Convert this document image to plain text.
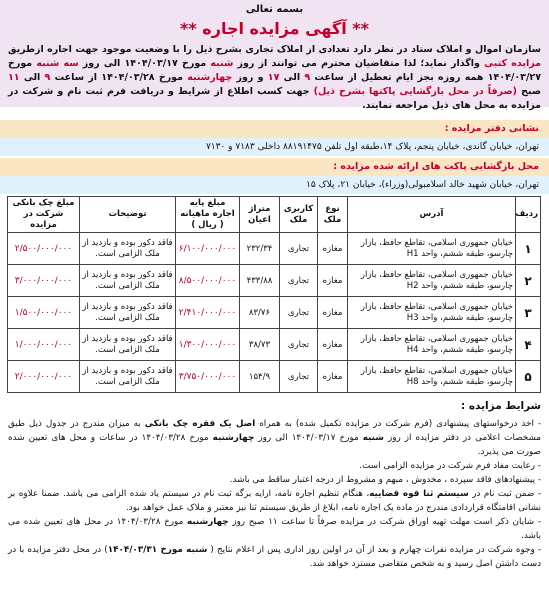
بسمه تعالی
** آگهی مزایده اجاره **
سازمان اموال و املاک ستاد در نظر دارد تعدادی از املاک تجاری بشرح ذیل را با وضعیت موجود جهت اجاره ازطریق مزایده کتبی واگذار نماید؛ لذا متقاضیان محترم می توانند از روز شنبه مورخ ۱۴۰۴/۰۳/۱۷ الی روز سه شنبه مورخ ۱۴۰۴/۰۳/۲۷ همه روزه بجز ایام تعطیل از ساعت ۹ الی ۱۷ و روز چهارشنبه مورخ ۱۴۰۴/۰۳/۲۸ از ساعت ۹ الی ۱۱ صبح (صرفاً در محل بازگشایی پاکتها بشرح ذیل) جهت کسب اطلاع از شرایط و دریافت فرم ثبت نام و شرکت در مزایده به محل های ذیل مراجعه نمایند.
نشانی دفتر مزایده :
تهران، خیابان گاندی، خیابان پنجم، پلاک ۱۴،طبقه اول تلفن ۸۸۱۹۱۴۷۵ داخلی ۷۱۸۳ و ۷۱۳۰
محل بازگشایی پاکت های ارائه شده مزایده :
تهران، خیابان شهید خالد اسلامبولی(وزراء)، خیابان ۲۱، پلاک ۱۵
ردیف	آدرس	نوع ملک	کاربری ملک	متراژ اعیان	مبلغ پایه اجاره ماهیانه ( ریال )	توضیحات	مبلغ چک بانکی شرکت در مزایده
۱	خیابان جمهوری اسلامی، تقاطع حافظ، بازار چارسو، طبقه ششم، واحد H1	مغازه	تجاری	۲۳۲/۳۴	۶/۱۰۰/۰۰۰/۰۰۰	فاقد دکور بوده و بازدید از ملک الزامی است.	۲/۵۰۰/۰۰۰/۰۰۰
۲	خیابان جمهوری اسلامی، تقاطع حافظ، بازار چارسو، طبقه ششم، واحد H2	مغازه	تجاری	۴۳۳/۸۸	۸/۵۰۰/۰۰۰/۰۰۰	فاقد دکور بوده و بازدید از ملک الزامی است.	۳/۰۰۰/۰۰۰/۰۰۰
۳	خیابان جمهوری اسلامی، تقاطع حافظ، بازار چارسو، طبقه ششم، واحد H3	مغازه	تجاری	۸۳/۷۶	۲/۴۱۰/۰۰۰/۰۰۰	فاقد دکور بوده و بازدید از ملک الزامی است.	۱/۵۰۰/۰۰۰/۰۰۰
۴	خیابان جمهوری اسلامی، تقاطع حافظ، بازار چارسو، طبقه ششم، واحد H4	مغازه	تجاری	۳۸/۷۳	۱/۳۰۰/۰۰۰/۰۰۰	فاقد دکور بوده و بازدید از ملک الزامی است.	۱/۰۰۰/۰۰۰/۰۰۰
۵	خیابان جمهوری اسلامی، تقاطع حافظ، بازار چارسو، طبقه ششم، واحد H8	مغازه	تجاری	۱۵۴/۹	۳/۷۵۰/۰۰۰/۰۰۰	فاقد دکور بوده و بازدید از ملک الزامی است.	۲/۰۰۰/۰۰۰/۰۰۰
شرایط مزایده :

- اخذ درخواستهای پیشنهادی (فرم شرکت در مزایده تکمیل شده) به همراه اصل یک فقره چک بانکی به میزان مندرج در جدول ذیل طبق مشخصات اعلامی در دفتر مزایده از روز شنبه مورخ ۱۴۰۴/۰۳/۱۷ الی روز چهارشنبه مورخ ۱۴۰۴/۰۳/۲۸ در ساعات و محل های تعیین شده صورت می پذیرد.

- رعایت مفاد فرم شرکت در مزایده الزامی است.

- پیشنهادهای فاقد سپرده ، مخدوش ، مبهم و مشروط از درجه اعتبار ساقط می باشد.

- ضمن ثبت نام در سیستم ثنا قوه قضاییه، هنگام تنظیم اجاره نامه، ارایه برگه ثبت نام در سیستم یاد شده الزامی می باشد. ضمنا علاوه بر نشانی اقامتگاه قراردادی مندرج در ماده یک اجاره نامه، ابلاغ از طریق سیستم ثنا نیز معتبر و ملاک عمل خواهد بود.

- شایان ذکر است مهلت تهیه اوراق شرکت در مزایده صرفاً تا ساعت ۱۱ صبح روز چهارشنبه مورخ ۱۴۰۴/۰۳/۲۸ در محل های تعیین شده می باشد.

- وجوه شرکت در مزایده نفرات چهارم و بعد از آن در اولین روز اداری پس از اعلام نتایج ( شنبه مورخ ۱۴۰۴/۰۳/۳۱) در محل دفتر مزایده با در دست داشتن اصل رسید و به شخص متقاضی مسترد خواهد شد.
